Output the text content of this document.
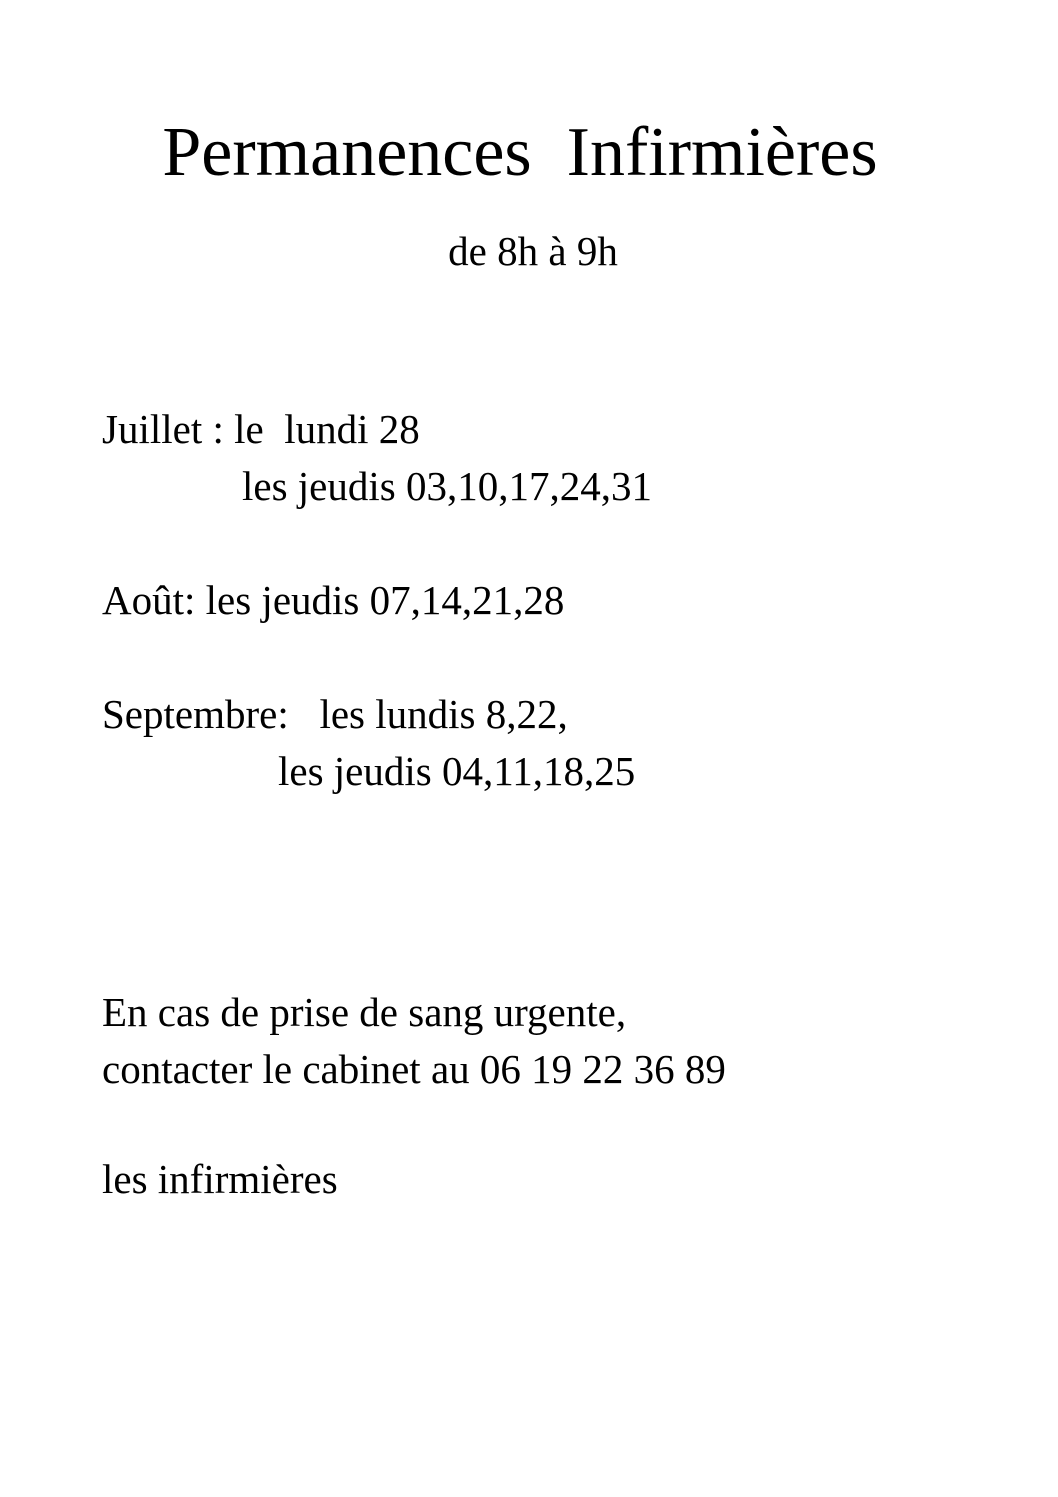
Permanences  Infirmières
de 8h à 9h
Juillet : le  lundi 28
les jeudis 03,10,17,24,31
Août: les jeudis 07,14,21,28
Septembre:   les lundis 8,22,
les jeudis 04,11,18,25
En cas de prise de sang urgente,
contacter le cabinet au 06 19 22 36 89
les infirmières
